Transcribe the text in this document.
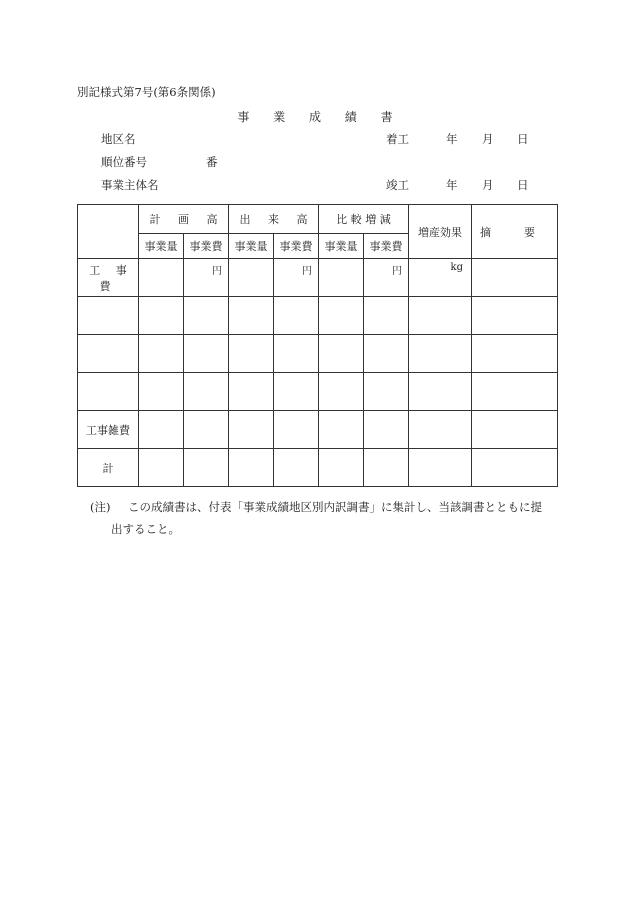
別記様式第7号(第6条関係)
事 業 成 績 書
地区名
順位番号	番
事業主体名
着工	年 月 日
竣工	年 月 日
	計 画 高		出 来 高		比 較 増 減		増産効果	摘　　　要

	事業量	事業費	事業量	事業費	事業量	事業費		
工 事 費		円		円		円	kg	

工事雑費								
計								
(注) この成績書は、付表「事業成績地区別内訳調書」に集計し、当該調書とともに提
出すること。
